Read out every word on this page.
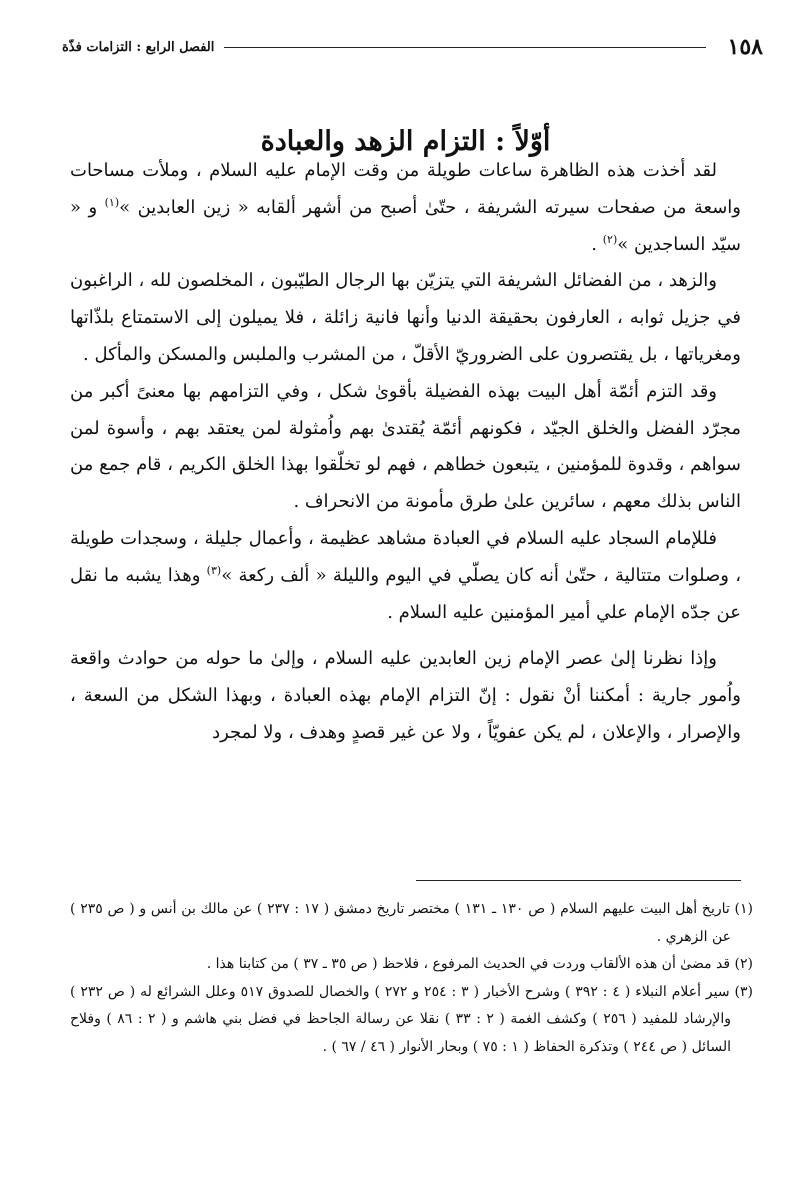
١٥٨
الفصل الرابع : التزامات فذّة
أوّلاً : التزام الزهد والعبادة

لقد أخذت هذه الظاهرة ساعات طويلة من وقت الإمام عليه السلام ، وملأت مساحات واسعة من صفحات سيرته الشريفة ، حتّىٰ أصبح من أشهر ألقابه « زين العابدين »$^{(١)}$ و « سيّد الساجدين »$^{(٢)}$ .

والزهد ، من الفضائل الشريفة التي يتزيّن بها الرجال الطيّبون ، المخلصون لله ، الراغبون في جزيل ثوابه ، العارفون بحقيقة الدنيا وأنها فانية زائلة ، فلا يميلون إلى الاستمتاع بلذّاتها ومغرياتها ، بل يقتصرون على الضروريّ الأقلّ ، من المشرب والملبس والمسكن والمأكل .

وقد التزم أئمّة أهل البيت بهذه الفضيلة بأقوىٰ شكل ، وفي التزامهم بها معنىً أكبر من مجرّد الفضل والخلق الجيّد ، فكونهم أئمّة يُقتدىٰ بهم واُمثولة لمن يعتقد بهم ، وأسوة لمن سواهم ، وقدوة للمؤمنين ، يتبعون خطاهم ، فهم لو تخلّقوا بهذا الخلق الكريم ، قام جمع من الناس بذلك معهم ، سائرين علىٰ طرق مأمونة من الانحراف .

فللإمام السجاد عليه السلام في العبادة مشاهد عظيمة ، وأعمال جليلة ، وسجدات طويلة ، وصلوات متتالية ، حتّىٰ أنه كان يصلّي في اليوم والليلة « ألف ركعة »$^{(٣)}$ وهذا يشبه ما نقل عن جدّه الإمام علي أمير المؤمنين عليه السلام .

وإذا نظرنا إلىٰ عصر الإمام زين العابدين عليه السلام ، وإلىٰ ما حوله من حوادث واقعة واُمور جارية : أمكننا أنْ نقول : إنّ التزام الإمام بهذه العبادة ، وبهذا الشكل من السعة ، والإصرار ، والإعلان ، لم يكن عفويّاً ، ولا عن غير قصدٍ وهدف ، ولا لمجرد

(١) تاريخ أهل البيت عليهم السلام ( ص ١٣٠ ـ ١٣١ ) مختصر تاريخ دمشق ( ١٧ : ٢٣٧ ) عن مالك بن أنس و ( ص ٢٣٥ ) عن الزهري .

(٢) قد مضىٰ أن هذه الألقاب وردت في الحديث المرفوع ، فلاحظ ( ص ٣٥ ـ ٣٧ ) من كتابنا هذا .

(٣) سير أعلام النبلاء ( ٤ : ٣٩٢ ) وشرح الأخبار ( ٣ : ٢٥٤ و ٢٧٢ ) والخصال للصدوق ٥١٧ وعلل الشرائع له ( ص ٢٣٢ ) والإرشاد للمفيد ( ٢٥٦ ) وكشف الغمة ( ٢ : ٣٣ ) نقلا عن رسالة الجاحظ في فضل بني هاشم و ( ٢ : ٨٦ ) وفلاح السائل ( ص ٢٤٤ ) وتذكرة الحفاظ ( ١ : ٧٥ ) وبحار الأنوار ( ٤٦ / ٦٧ ) .
